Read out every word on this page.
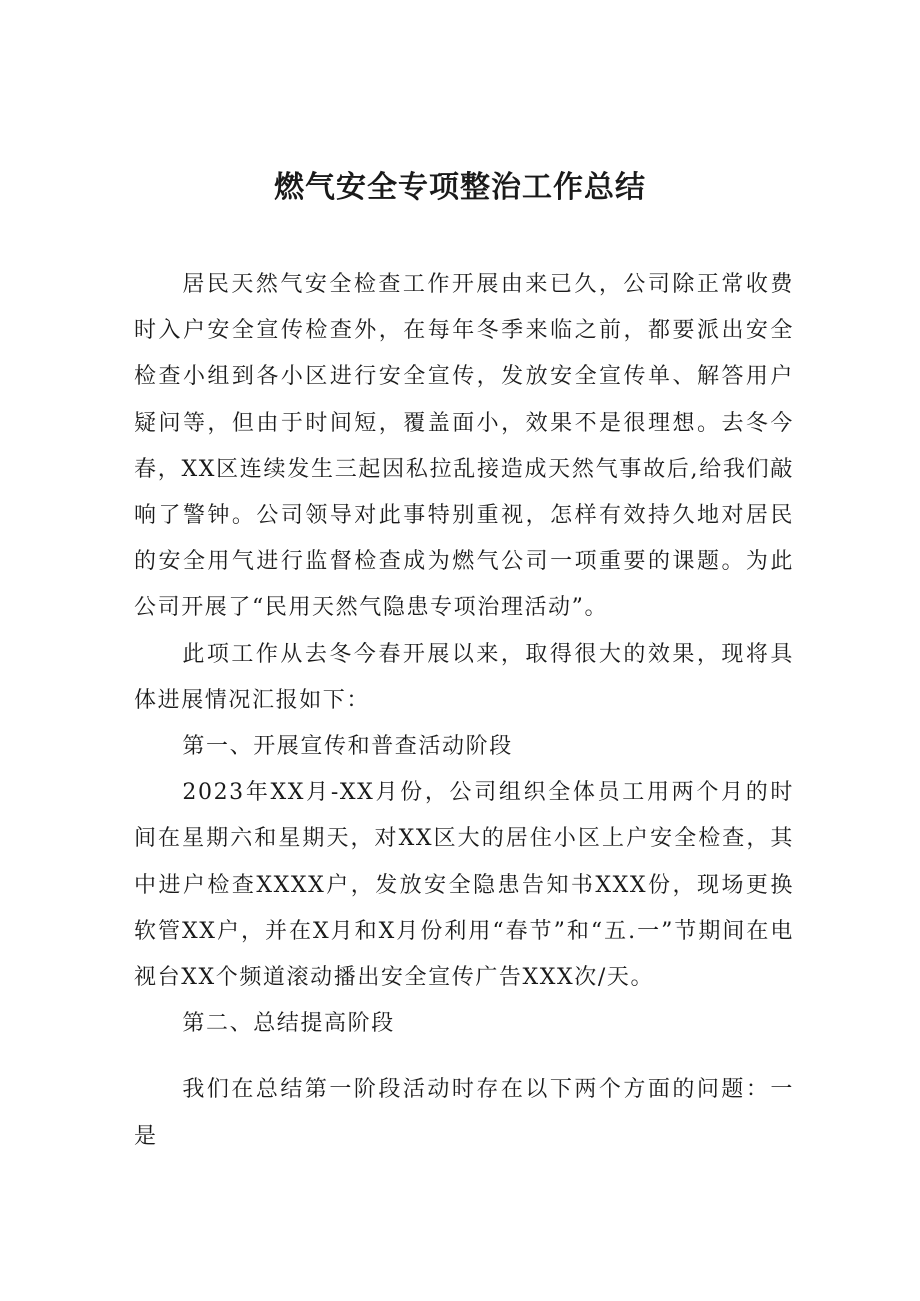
燃气安全专项整治工作总结

居民天然气安全检查工作开展由来已久，公司除正常收费时入户安全宣传检查外，在每年冬季来临之前，都要派出安全检查小组到各小区进行安全宣传，发放安全宣传单、解答用户疑问等，但由于时间短，覆盖面小，效果不是很理想。去冬今春，XX区连续发生三起因私拉乱接造成天然气事故后,给我们敲响了警钟。公司领导对此事特别重视，怎样有效持久地对居民的安全用气进行监督检查成为燃气公司一项重要的课题。为此公司开展了“民用天然气隐患专项治理活动”。

此项工作从去冬今春开展以来，取得很大的效果，现将具体进展情况汇报如下：

第一、开展宣传和普查活动阶段

2023年XX月-XX月份，公司组织全体员工用两个月的时间在星期六和星期天，对XX区大的居住小区上户安全检查，其中进户检查XXXX户，发放安全隐患告知书XXX份，现场更换软管XX户，并在X月和X月份利用“春节”和“五.一”节期间在电视台XX个频道滚动播出安全宣传广告XXX次/天。

第二、总结提高阶段

我们在总结第一阶段活动时存在以下两个方面的问题：一是
